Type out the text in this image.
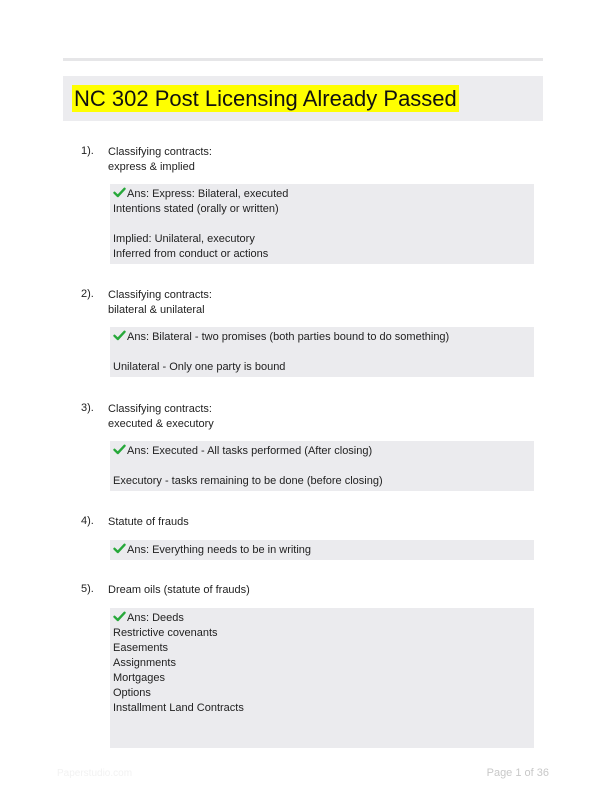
NC 302 Post Licensing Already Passed
1). Classifying contracts:
express & implied
Ans: Express: Bilateral, executed
Intentions stated (orally or written)
Implied: Unilateral, executory
Inferred from conduct or actions
2). Classifying contracts:
bilateral & unilateral
Ans: Bilateral - two promises (both parties bound to do something)
Unilateral - Only one party is bound
3). Classifying contracts:
executed & executory
Ans: Executed - All tasks performed (After closing)
Executory - tasks remaining to be done (before closing)
4). Statute of frauds
Ans: Everything needs to be in writing
5). Dream oils (statute of frauds)
Ans: Deeds
Restrictive covenants
Easements
Assignments
Mortgages
Options
Installment Land Contracts
Paperstudio.com	Page 1 of 36
